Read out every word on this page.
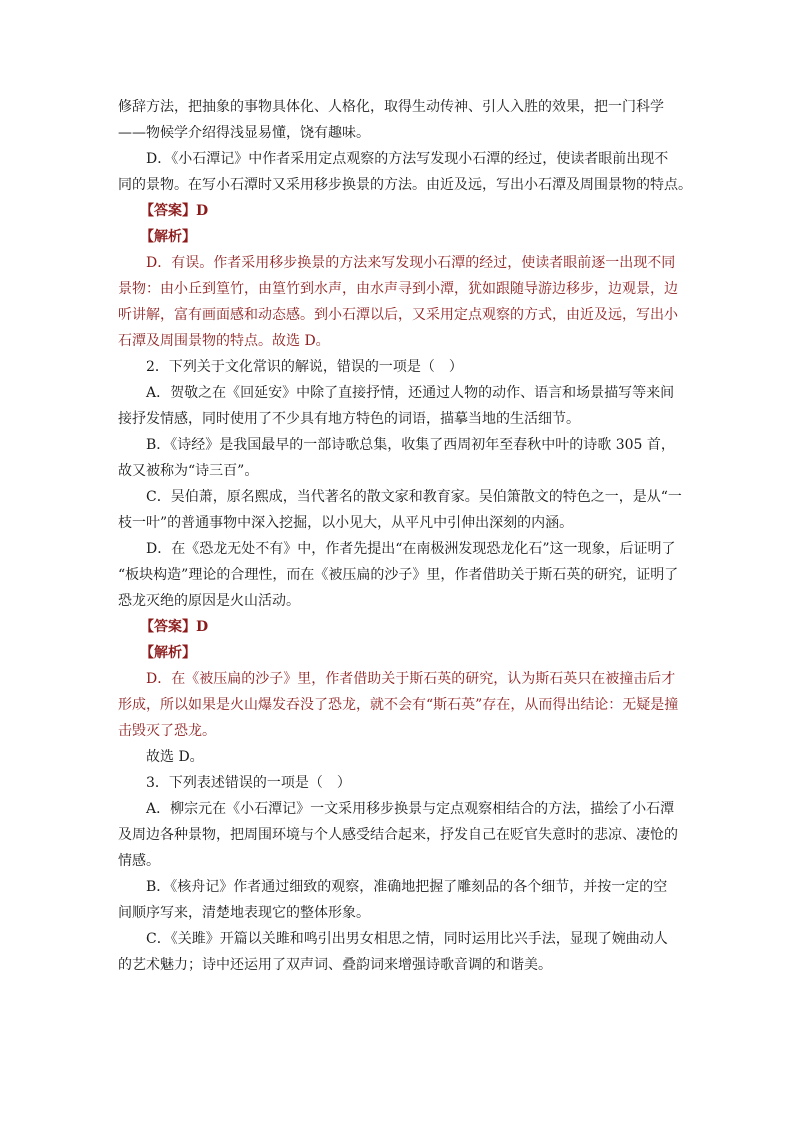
修辞方法，把抽象的事物具体化、人格化，取得生动传神、引人入胜的效果，把一门科学

——物候学介绍得浅显易懂，饶有趣味。

D．《小石潭记》中作者采用定点观察的方法写发现小石潭的经过，使读者眼前出现不

同的景物。在写小石潭时又采用移步换景的方法。由近及远，写出小石潭及周围景物的特点。

【答案】D

【解析】

D．有误。作者采用移步换景的方法来写发现小石潭的经过，使读者眼前逐一出现不同

景物：由小丘到篁竹，由篁竹到水声，由水声寻到小潭，犹如跟随导游边移步，边观景，边

听讲解，富有画面感和动态感。到小石潭以后，又采用定点观察的方式，由近及远，写出小

石潭及周围景物的特点。故选 D。

2．下列关于文化常识的解说，错误的一项是（　）

A．贺敬之在《回延安》中除了直接抒情，还通过人物的动作、语言和场景描写等来间

接抒发情感，同时使用了不少具有地方特色的词语，描摹当地的生活细节。

B．《诗经》是我国最早的一部诗歌总集，收集了西周初年至春秋中叶的诗歌 305 首，

故又被称为“诗三百”。

C．吴伯萧，原名熙成，当代著名的散文家和教育家。吴伯箫散文的特色之一，是从“一

枝一叶”的普通事物中深入挖掘，以小见大，从平凡中引伸出深刻的内涵。

D．在《恐龙无处不有》中，作者先提出“在南极洲发现恐龙化石”这一现象，后证明了

“板块构造”理论的合理性，而在《被压扁的沙子》里，作者借助关于斯石英的研究，证明了

恐龙灭绝的原因是火山活动。

【答案】D

【解析】

D．在《被压扁的沙子》里，作者借助关于斯石英的研究，认为斯石英只在被撞击后才

形成，所以如果是火山爆发吞没了恐龙，就不会有“斯石英”存在，从而得出结论：无疑是撞

击毁灭了恐龙。

故选 D。

3．下列表述错误的一项是（　）

A．柳宗元在《小石潭记》一文采用移步换景与定点观察相结合的方法，描绘了小石潭

及周边各种景物，把周围环境与个人感受结合起来，抒发自己在贬官失意时的悲凉、凄怆的

情感。

B．《核舟记》作者通过细致的观察，准确地把握了雕刻品的各个细节，并按一定的空

间顺序写来，清楚地表现它的整体形象。

C．《关雎》开篇以关雎和鸣引出男女相思之情，同时运用比兴手法，显现了婉曲动人

的艺术魅力；诗中还运用了双声词、叠韵词来增强诗歌音调的和谐美。
